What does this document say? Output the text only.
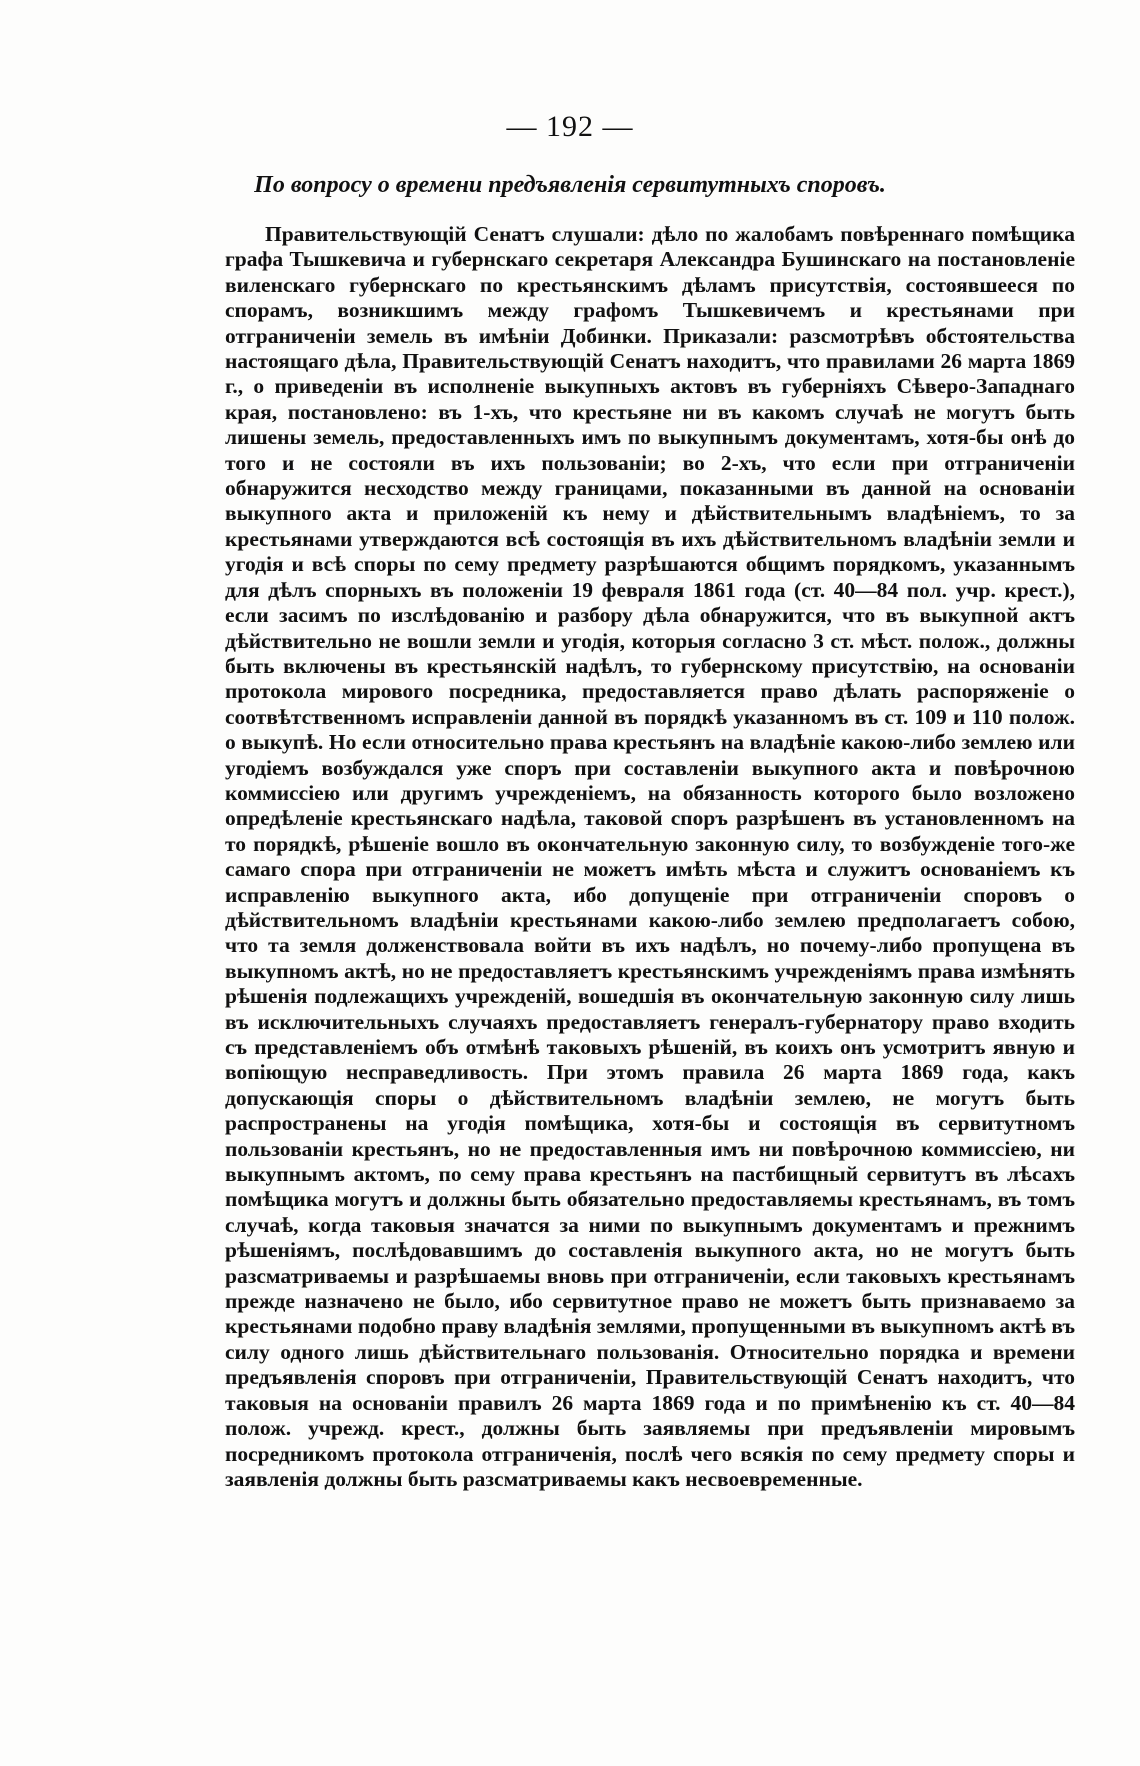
— 192 —
По вопросу о времени предъявленія сервитутныхъ споровъ.

Правительствующій Сенатъ слушали: дѣло по жалобамъ повѣреннаго помѣщика графа Тышкевича и губернскаго секретаря Александра Бушинскаго на постановленіе виленскаго губернскаго по крестьянскимъ дѣламъ присутствія, состоявшееся по спорамъ, возникшимъ между графомъ Тышкевичемъ и крестьянами при отграниченіи земель въ имѣніи Добинки. Приказали: разсмотрѣвъ обстоятельства настоящаго дѣла, Правительствующій Сенатъ находитъ, что правилами 26 марта 1869 г., о приведеніи въ исполненіе выкупныхъ актовъ въ губерніяхъ Сѣверо-Западнаго края, постановлено: въ 1-хъ, что крестьяне ни въ какомъ случаѣ не могутъ быть лишены земель, предоставленныхъ имъ по выкупнымъ документамъ, хотя-бы онѣ до того и не состояли въ ихъ пользованіи; во 2-хъ, что если при отграниченіи обнаружится несходство между границами, показанными въ данной на основаніи выкупного акта и приложеній къ нему и дѣйствительнымъ владѣніемъ, то за крестьянами утверждаются всѣ состоящія въ ихъ дѣйствительномъ владѣніи земли и угодія и всѣ споры по сему предмету разрѣшаются общимъ порядкомъ, указаннымъ для дѣлъ спорныхъ въ положеніи 19 февраля 1861 года (ст. 40—84 пол. учр. крест.), если засимъ по изслѣдованію и разбору дѣла обнаружится, что въ выкупной актъ дѣйствительно не вошли земли и угодія, которыя согласно 3 ст. мѣст. полож., должны быть включены въ крестьянскій надѣлъ, то губернскому присутствію, на основаніи протокола мирового посредника, предоставляется право дѣлать распоряженіе о соотвѣтственномъ исправленіи данной въ порядкѣ указанномъ въ ст. 109 и 110 полож. о выкупѣ. Но если относительно права крестьянъ на владѣніе какою-либо землею или угодіемъ возбуждался уже споръ при составленіи выкупного акта и повѣрочною коммиссіею или другимъ учрежденіемъ, на обязанность которого было возложено опредѣленіе крестьянскаго надѣла, таковой споръ разрѣшенъ въ установленномъ на то порядкѣ, рѣшеніе вошло въ окончательную законную силу, то возбужденіе того-же самаго спора при отграниченіи не можетъ имѣть мѣста и служитъ основаніемъ къ исправленію выкупного акта, ибо допущеніе при отграниченіи споровъ о дѣйствительномъ владѣніи крестьянами какою-либо землею предполагаетъ собою, что та земля долженствовала войти въ ихъ надѣлъ, но почему-либо пропущена въ выкупномъ актѣ, но не предоставляетъ крестьянскимъ учрежденіямъ права измѣнять рѣшенія подлежащихъ учрежденій, вошедшія въ окончательную законную силу лишь въ исключительныхъ случаяхъ предоставляетъ генералъ-губернатору право входить съ представленіемъ объ отмѣнѣ таковыхъ рѣшеній, въ коихъ онъ усмотритъ явную и вопіющую несправедливость. При этомъ правила 26 марта 1869 года, какъ допускающія споры о дѣйствительномъ владѣніи землею, не могутъ быть распространены на угодія помѣщика, хотя-бы и состоящія въ сервитутномъ пользованіи крестьянъ, но не предоставленныя имъ ни повѣрочною коммиссіею, ни выкупнымъ актомъ, по сему права крестьянъ на пастбищный сервитутъ въ лѣсахъ помѣщика могутъ и должны быть обязательно предоставляемы крестьянамъ, въ томъ случаѣ, когда таковыя значатся за ними по выкупнымъ документамъ и прежнимъ рѣшеніямъ, послѣдовавшимъ до составленія выкупного акта, но не могутъ быть разсматриваемы и разрѣшаемы вновь при отграниченіи, если таковыхъ крестьянамъ прежде назначено не было, ибо сервитутное право не можетъ быть признаваемо за крестьянами подобно праву владѣнія землями, пропущенными въ выкупномъ актѣ въ силу одного лишь дѣйствительнаго пользованія. Относительно порядка и времени предъявленія споровъ при отграниченіи, Правительствующій Сенатъ находитъ, что таковыя на основаніи правилъ 26 марта 1869 года и по примѣненію къ ст. 40—84 полож. учрежд. крест., должны быть заявляемы при предъявленіи мировымъ посредникомъ протокола отграниченія, послѣ чего всякія по сему предмету споры и заявленія должны быть разсматриваемы какъ несвоевременные.
